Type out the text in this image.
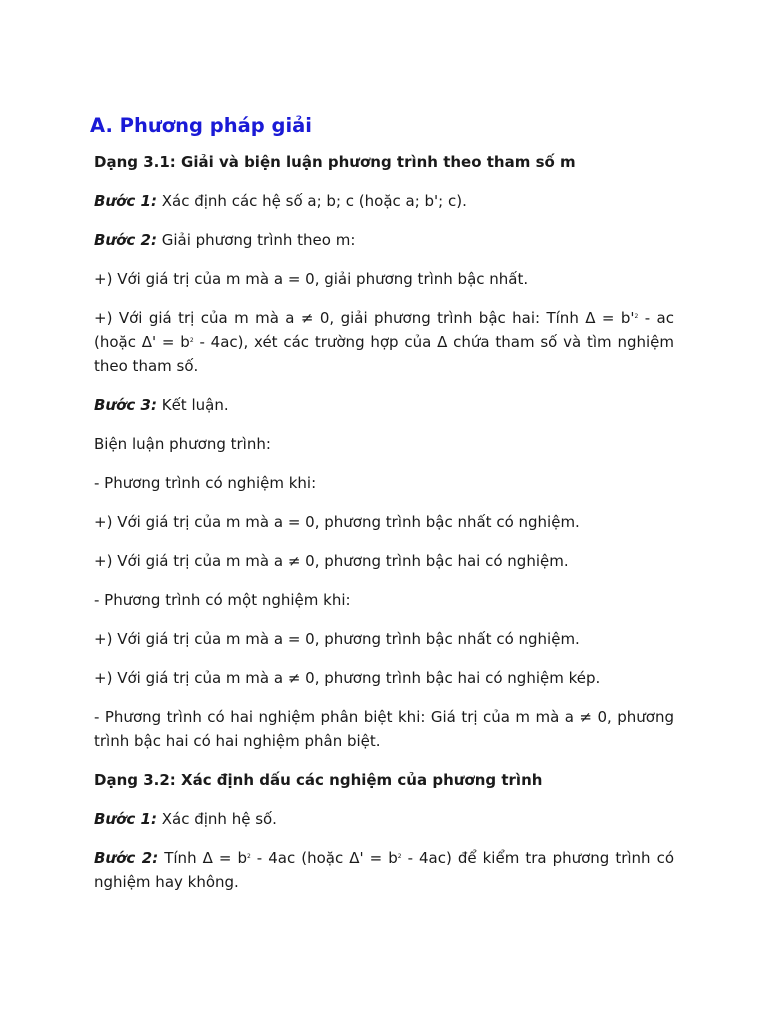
A. Phương pháp giải
Dạng 3.1: Giải và biện luận phương trình theo tham số m

Bước 1: Xác định các hệ số a; b; c (hoặc a; b'; c).

Bước 2: Giải phương trình theo m:

+) Với giá trị của m mà a = 0, giải phương trình bậc nhất.

+) Với giá trị của m mà a ≠ 0, giải phương trình bậc hai: Tính $\Delta = b'^2$ - ac (hoặc $\Delta' = b^2 - 4ac$), xét các trường hợp của Δ chứa tham số và tìm nghiệm theo tham số.

Bước 3: Kết luận.

Biện luận phương trình:

- Phương trình có nghiệm khi:

+) Với giá trị của m mà a = 0, phương trình bậc nhất có nghiệm.

+) Với giá trị của m mà a ≠ 0, phương trình bậc hai có nghiệm.

- Phương trình có một nghiệm khi:

+) Với giá trị của m mà a = 0, phương trình bậc nhất có nghiệm.

+) Với giá trị của m mà a ≠ 0, phương trình bậc hai có nghiệm kép.

- Phương trình có hai nghiệm phân biệt khi: Giá trị của m mà a ≠ 0, phương trình bậc hai có hai nghiệm phân biệt.

Dạng 3.2: Xác định dấu các nghiệm của phương trình

Bước 1: Xác định hệ số.

Bước 2: Tính $\Delta = b^2 - 4ac$ (hoặc $\Delta' = b^2 - 4ac$) để kiểm tra phương trình có nghiệm hay không.
